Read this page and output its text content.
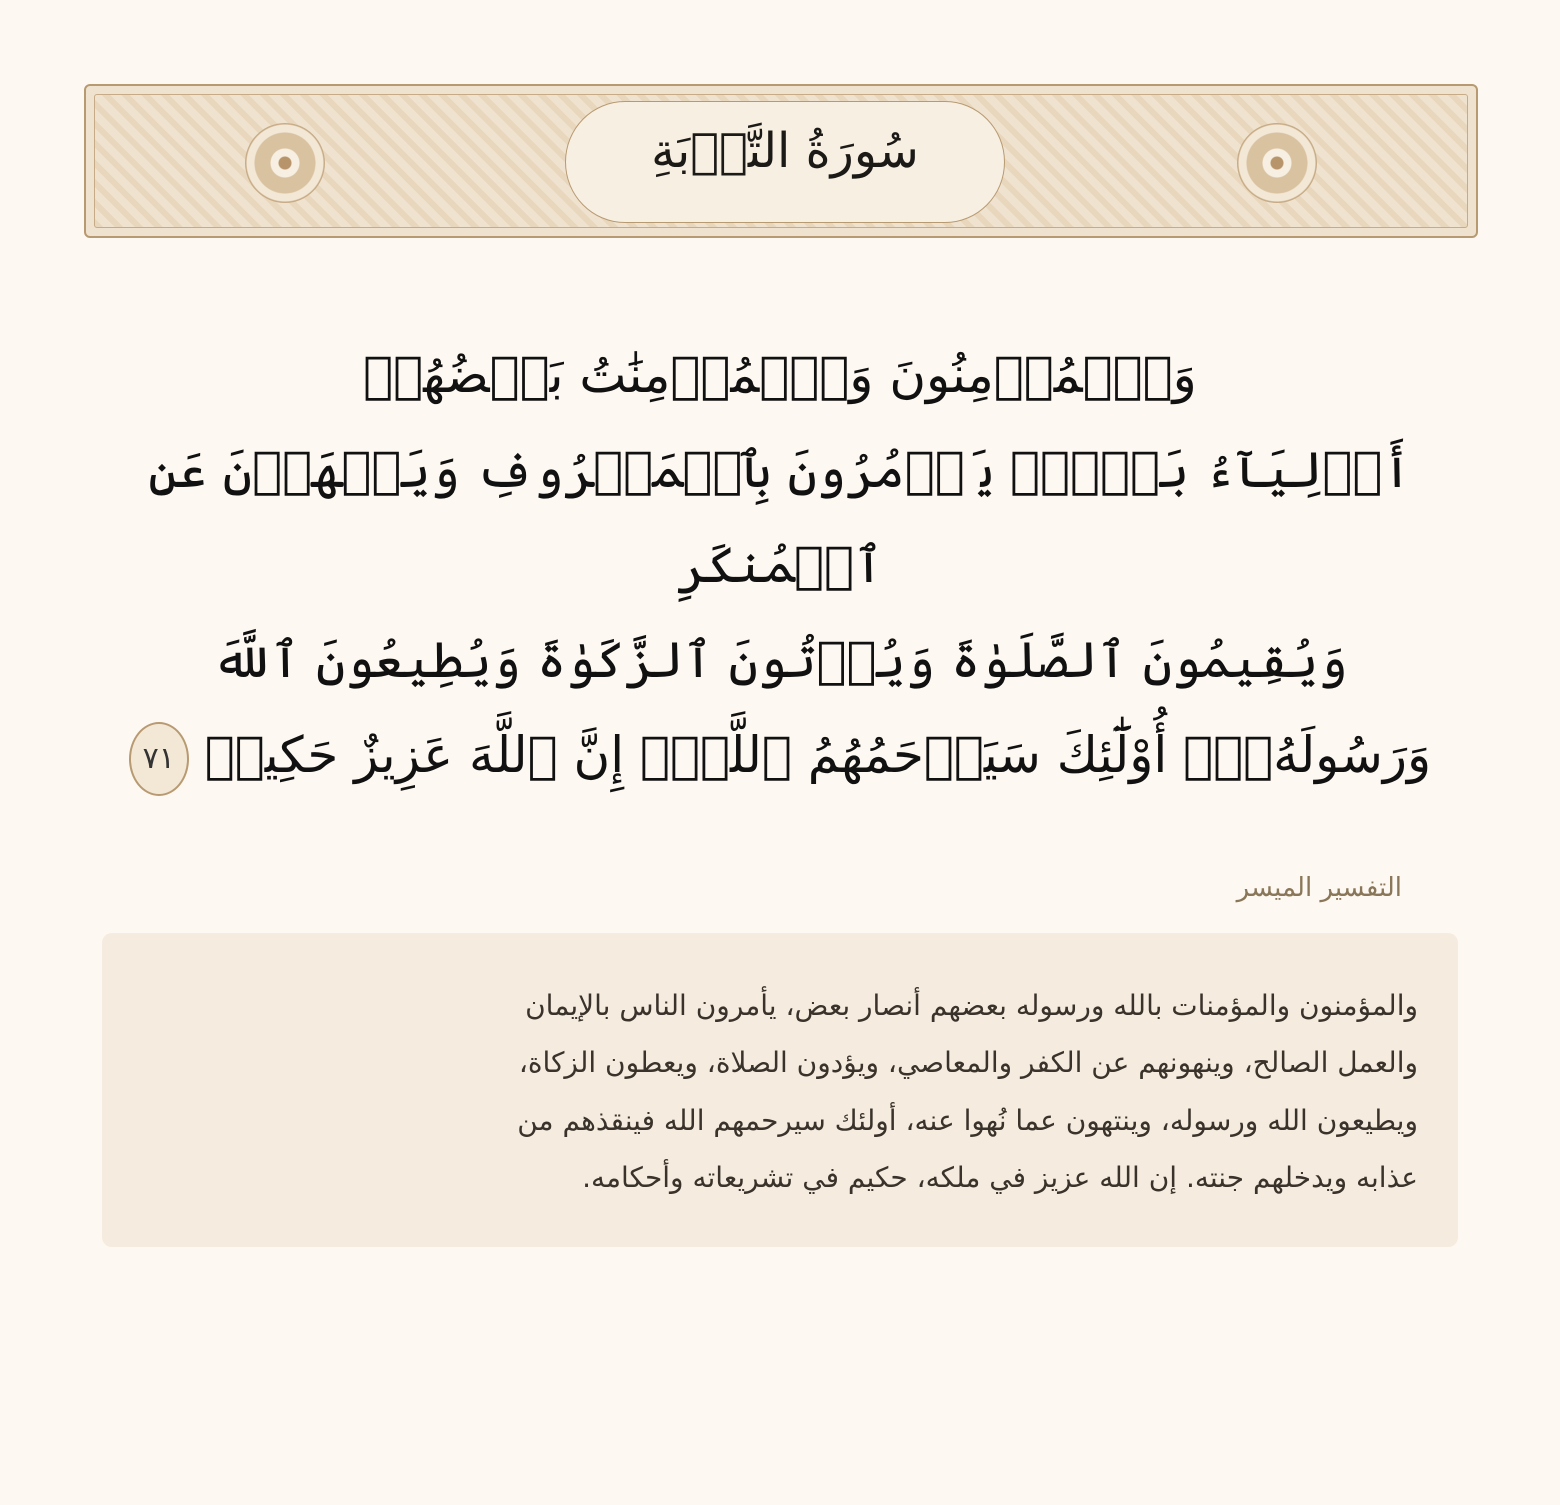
سُورَةُ التَّوۡبَةِ
وَٱلۡمُؤۡمِنُونَ وَٱلۡمُؤۡمِنَٰتُ بَعۡضُهُمۡ
أَوۡلِيَآءُ بَعۡضٖۚ يَأۡمُرُونَ بِٱلۡمَعۡرُوفِ وَيَنۡهَوۡنَ عَنِ ٱلۡمُنكَرِ
وَيُقِيمُونَ ٱلصَّلَوٰةَ وَيُؤۡتُونَ ٱلزَّكَوٰةَ وَيُطِيعُونَ ٱللَّهَ
وَرَسُولَهُۥٓۚ أُوْلَٰٓئِكَ سَيَرۡحَمُهُمُ ٱللَّهُۗ إِنَّ ٱللَّهَ عَزِيزٌ حَكِيمٞ ٧١
التفسير الميسر
والمؤمنون والمؤمنات بالله ورسوله بعضهم أنصار بعض، يأمرون الناس بالإيمان
والعمل الصالح، وينهونهم عن الكفر والمعاصي، ويؤدون الصلاة، ويعطون الزكاة،
ويطيعون الله ورسوله، وينتهون عما نُهوا عنه، أولئك سيرحمهم الله فينقذهم من
عذابه ويدخلهم جنته. إن الله عزيز في ملكه، حكيم في تشريعاته وأحكامه.
